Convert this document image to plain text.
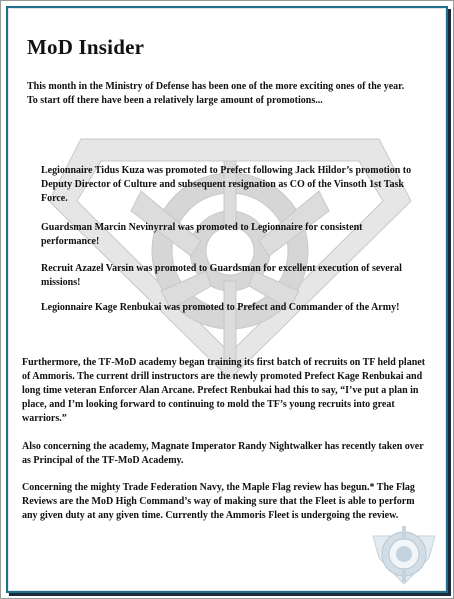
MoD Insider

This month in the Ministry of Defense has been one of the more exciting ones of the year. To start off there have been a relatively large amount of promotions...

Legionnaire Tidus Kuza was promoted to Prefect following Jack Hildor’s promotion to Deputy Director of Culture and subsequent resignation as CO of the Vinsoth 1st Task Force.

Guardsman Marcin Nevinyrral was promoted to Legionnaire for consistent performance!

Recruit Azazel Varsin was promoted to Guardsman for excellent execution of several missions!

Legionnaire Kage Renbukai was promoted to Prefect and Commander of the Army!

Furthermore, the TF-MoD academy began training its first batch of recruits on TF held planet of Ammoris. The current drill instructors are the newly promoted Prefect Kage Renbukai and long time veteran Enforcer Alan Arcane. Prefect Renbukai had this to say, “I’ve put a plan in place, and I’m looking forward to continuing to mold the TF’s young recruits into great warriors.”

Also concerning the academy, Magnate Imperator Randy Nightwalker has recently taken over as Principal of the TF-MoD Academy.

Concerning the mighty Trade Federation Navy, the Maple Flag review has begun.* The Flag Reviews are the MoD High Command’s way of making sure that the Fleet is able to perform any given duty at any given time. Currently the Ammoris Fleet is undergoing the review.
